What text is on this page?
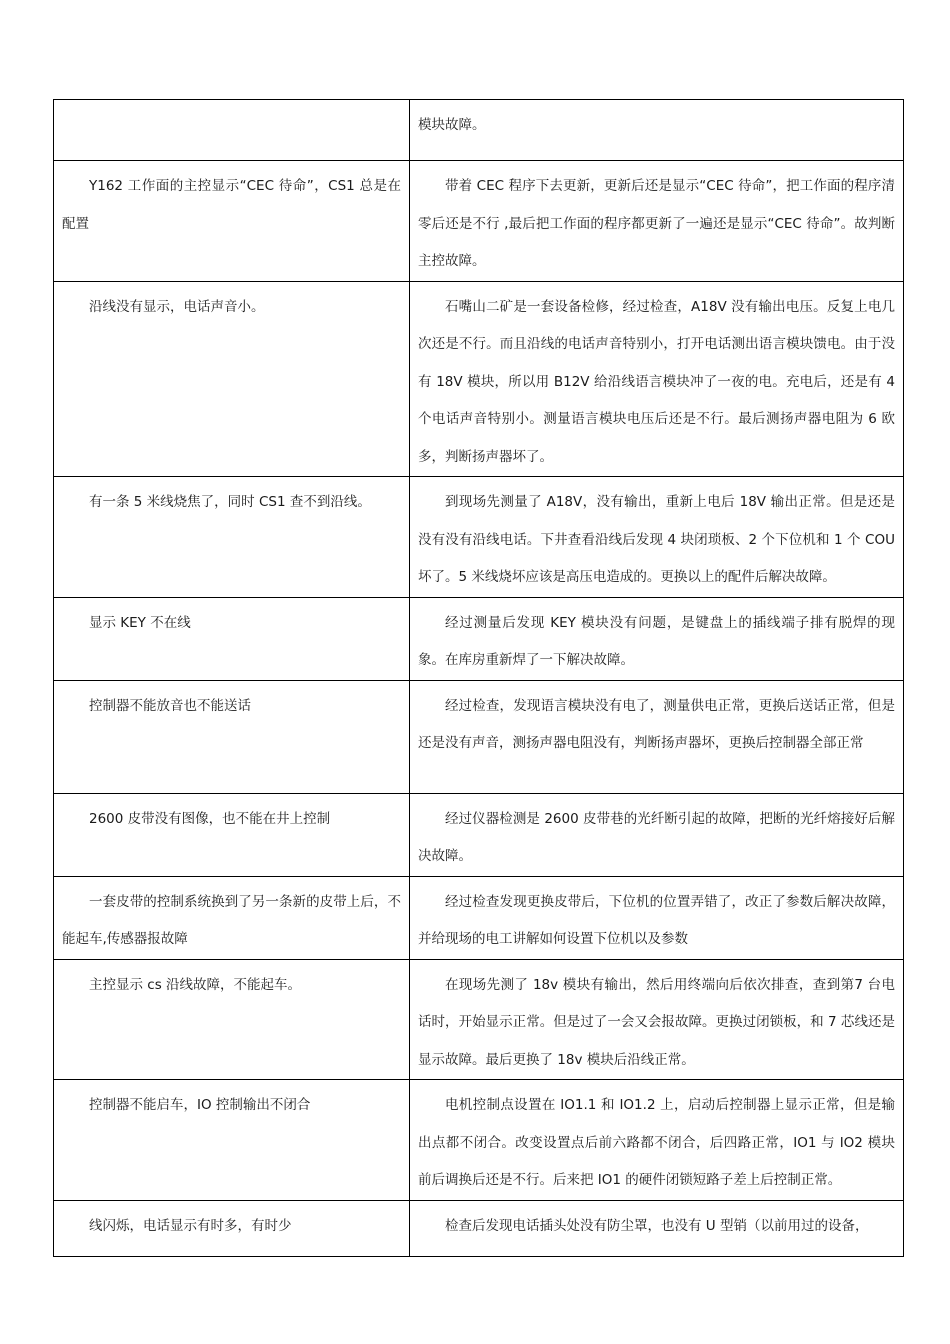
	模块故障。

Y162 工作面的主控显示“CEC 待命”，CS1 总是在配置	带着 CEC 程序下去更新，更新后还是显示“CEC 待命”，把工作面的程序清零后还是不行 ,最后把工作面的程序都更新了一遍还是显示“CEC 待命”。故判断主控故障。

沿线没有显示，电话声音小。	石嘴山二矿是一套设备检修，经过检查，A18V 没有输出电压。反复上电几次还是不行。而且沿线的电话声音特别小，打开电话测出语言模块馈电。由于没有 18V 模块，所以用 B12V 给沿线语言模块冲了一夜的电。充电后，还是有 4 个电话声音特别小。测量语言模块电压后还是不行。最后测扬声器电阻为 6 欧多，判断扬声器坏了。

有一条 5 米线烧焦了，同时 CS1 查不到沿线。	到现场先测量了 A18V，没有输出，重新上电后 18V 输出正常。但是还是没有没有沿线电话。下井查看沿线后发现 4 块闭琐板、2 个下位机和 1 个 COU 坏了。5 米线烧坏应该是高压电造成的。更换以上的配件后解决故障。

显示 KEY 不在线	经过测量后发现 KEY 模块没有问题，是键盘上的插线端子排有脱焊的现象。在库房重新焊了一下解决故障。

控制器不能放音也不能送话	经过检查，发现语言模块没有电了，测量供电正常，更换后送话正常，但是还是没有声音，测扬声器电阻没有，判断扬声器坏，更换后控制器全部正常

2600 皮带没有图像，也不能在井上控制	经过仪器检测是 2600 皮带巷的光纤断引起的故障，把断的光纤熔接好后解决故障。

一套皮带的控制系统换到了另一条新的皮带上后，不能起车,传感器报故障	经过检查发现更换皮带后，下位机的位置弄错了，改正了参数后解决故障，并给现场的电工讲解如何设置下位机以及参数

主控显示 cs 沿线故障，不能起车。	在现场先测了 18v 模块有输出，然后用终端向后依次排查，查到第7 台电话时，开始显示正常。但是过了一会又会报故障。更换过闭锁板，和 7 芯线还是显示故障。最后更换了 18v 模块后沿线正常。

控制器不能启车，IO 控制输出不闭合	电机控制点设置在 IO1.1 和 IO1.2 上，启动后控制器上显示正常，但是输出点都不闭合。改变设置点后前六路都不闭合，后四路正常，IO1 与 IO2 模块前后调换后还是不行。后来把 IO1 的硬件闭锁短路子差上后控制正常。

线闪烁，电话显示有时多，有时少	检查后发现电话插头处没有防尘罩，也没有 U 型销（以前用过的设备，
